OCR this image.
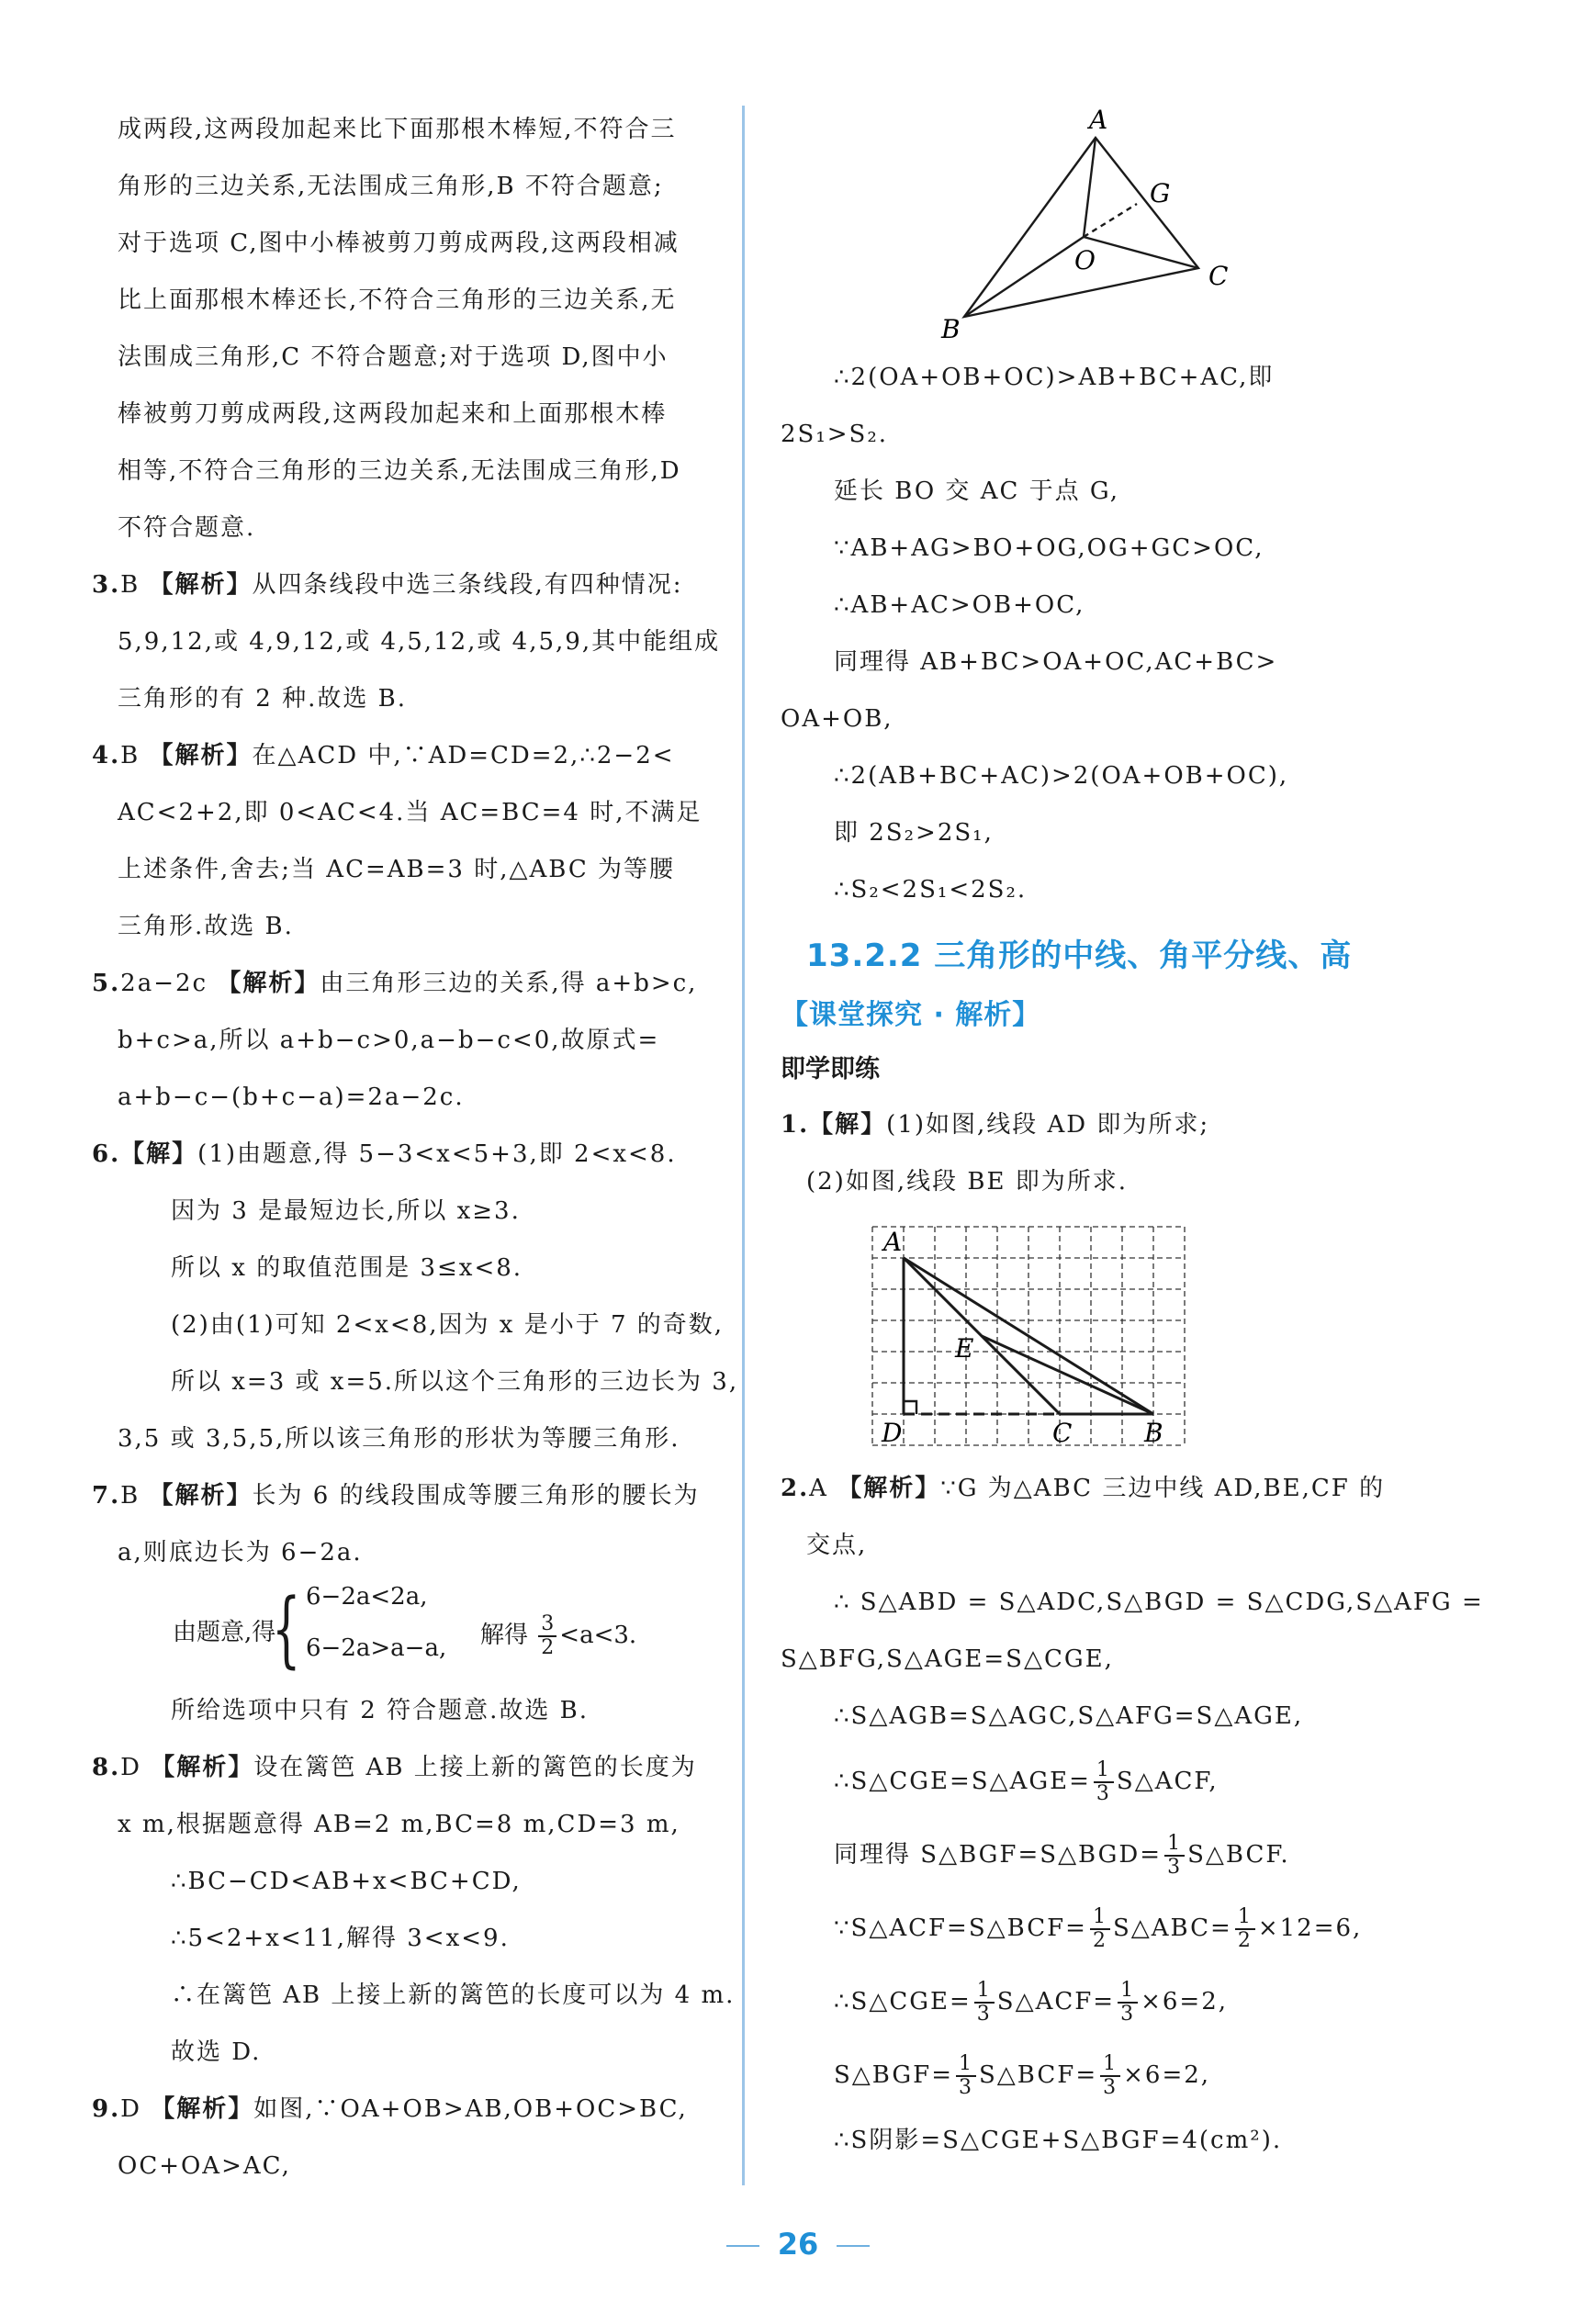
成两段,这两段加起来比下面那根木棒短,不符合三
角形的三边关系,无法围成三角形,B 不符合题意;
对于选项 C,图中小棒被剪刀剪成两段,这两段相减
比上面那根木棒还长,不符合三角形的三边关系,无
法围成三角形,C 不符合题意;对于选项 D,图中小
棒被剪刀剪成两段,这两段加起来和上面那根木棒
相等,不符合三角形的三边关系,无法围成三角形,D
不符合题意.
3.B 【解析】从四条线段中选三条线段,有四种情况:
5,9,12,或 4,9,12,或 4,5,12,或 4,5,9,其中能组成
三角形的有 2 种.故选 B.
4.B 【解析】在△ACD 中,∵AD=CD=2,∴2−2<
AC<2+2,即 0<AC<4.当 AC=BC=4 时,不满足
上述条件,舍去;当 AC=AB=3 时,△ABC 为等腰
三角形.故选 B.
5.2a−2c 【解析】由三角形三边的关系,得 a+b>c,
b+c>a,所以 a+b−c>0,a−b−c<0,故原式=
a+b−c−(b+c−a)=2a−2c.
6.【解】(1)由题意,得 5−3<x<5+3,即 2<x<8.
因为 3 是最短边长,所以 x≥3.
所以 x 的取值范围是 3≤x<8.
(2)由(1)可知 2<x<8,因为 x 是小于 7 的奇数,
所以 x=3 或 x=5.所以这个三角形的三边长为 3,
3,5 或 3,5,5,所以该三角形的形状为等腰三角形.
7.B 【解析】长为 6 的线段围成等腰三角形的腰长为
a,则底边长为 6−2a.
由题意,得
{ 6−2a<2a,
6−2a>a−a, 解得 $\frac{3}{2} <a<3$.
所给选项中只有 2 符合题意.故选 B.
8.D 【解析】设在篱笆 AB 上接上新的篱笆的长度为
x m,根据题意得 AB=2 m,BC=8 m,CD=3 m,
∴BC−CD<AB+x<BC+CD,
∴5<2+x<11,解得 3<x<9.
∴在篱笆 AB 上接上新的篱笆的长度可以为 4 m.
故选 D.
9.D 【解析】如图,∵OA+OB>AB,OB+OC>BC,
OC+OA>AC,
A
G
O
B
C
∴2(OA+OB+OC)>AB+BC+AC,即
2S₁>S₂.
延长 BO 交 AC 于点 G,
∵AB+AG>BO+OG,OG+GC>OC,
∴AB+AC>OB+OC,
同理得 AB+BC>OA+OC,AC+BC>
OA+OB,
∴2(AB+BC+AC)>2(OA+OB+OC),
即 2S₂>2S₁,
∴S₂<2S₁<2S₂.
13.2.2 三角形的中线、角平分线、高
【课堂探究 · 解析】
即学即练
1.【解】(1)如图,线段 AD 即为所求;
(2)如图,线段 BE 即为所求.
A
E
D	C	B
2.A 【解析】∵G 为△ABC 三边中线 AD,BE,CF 的
交点,
∴ S△ABD = S△ADC,S△BGD = S△CDG,S△AFG =
S△BFG,S△AGE=S△CGE,
∴S△AGB=S△AGC,S△AFG=S△AGE,
∴S△CGE=S△AGE= $\frac{1}{3}$ S△ACF,
同理得 S△BGF=S△BGD= $\frac{1}{3}$ S△BCF.
∵S△ACF=S△BCF= $\frac{1}{2}$ S△ABC= $\frac{1}{2} \times 12=6$,
∴S△CGE= $\frac{1}{3}$ S△ACF= $\frac{1}{3} \times 6=2$,
S△BGF= $\frac{1}{3}$ S△BCF= $\frac{1}{3} \times 6=2$,
∴S阴影=S△CGE+S△BGF=4(cm²).
26
